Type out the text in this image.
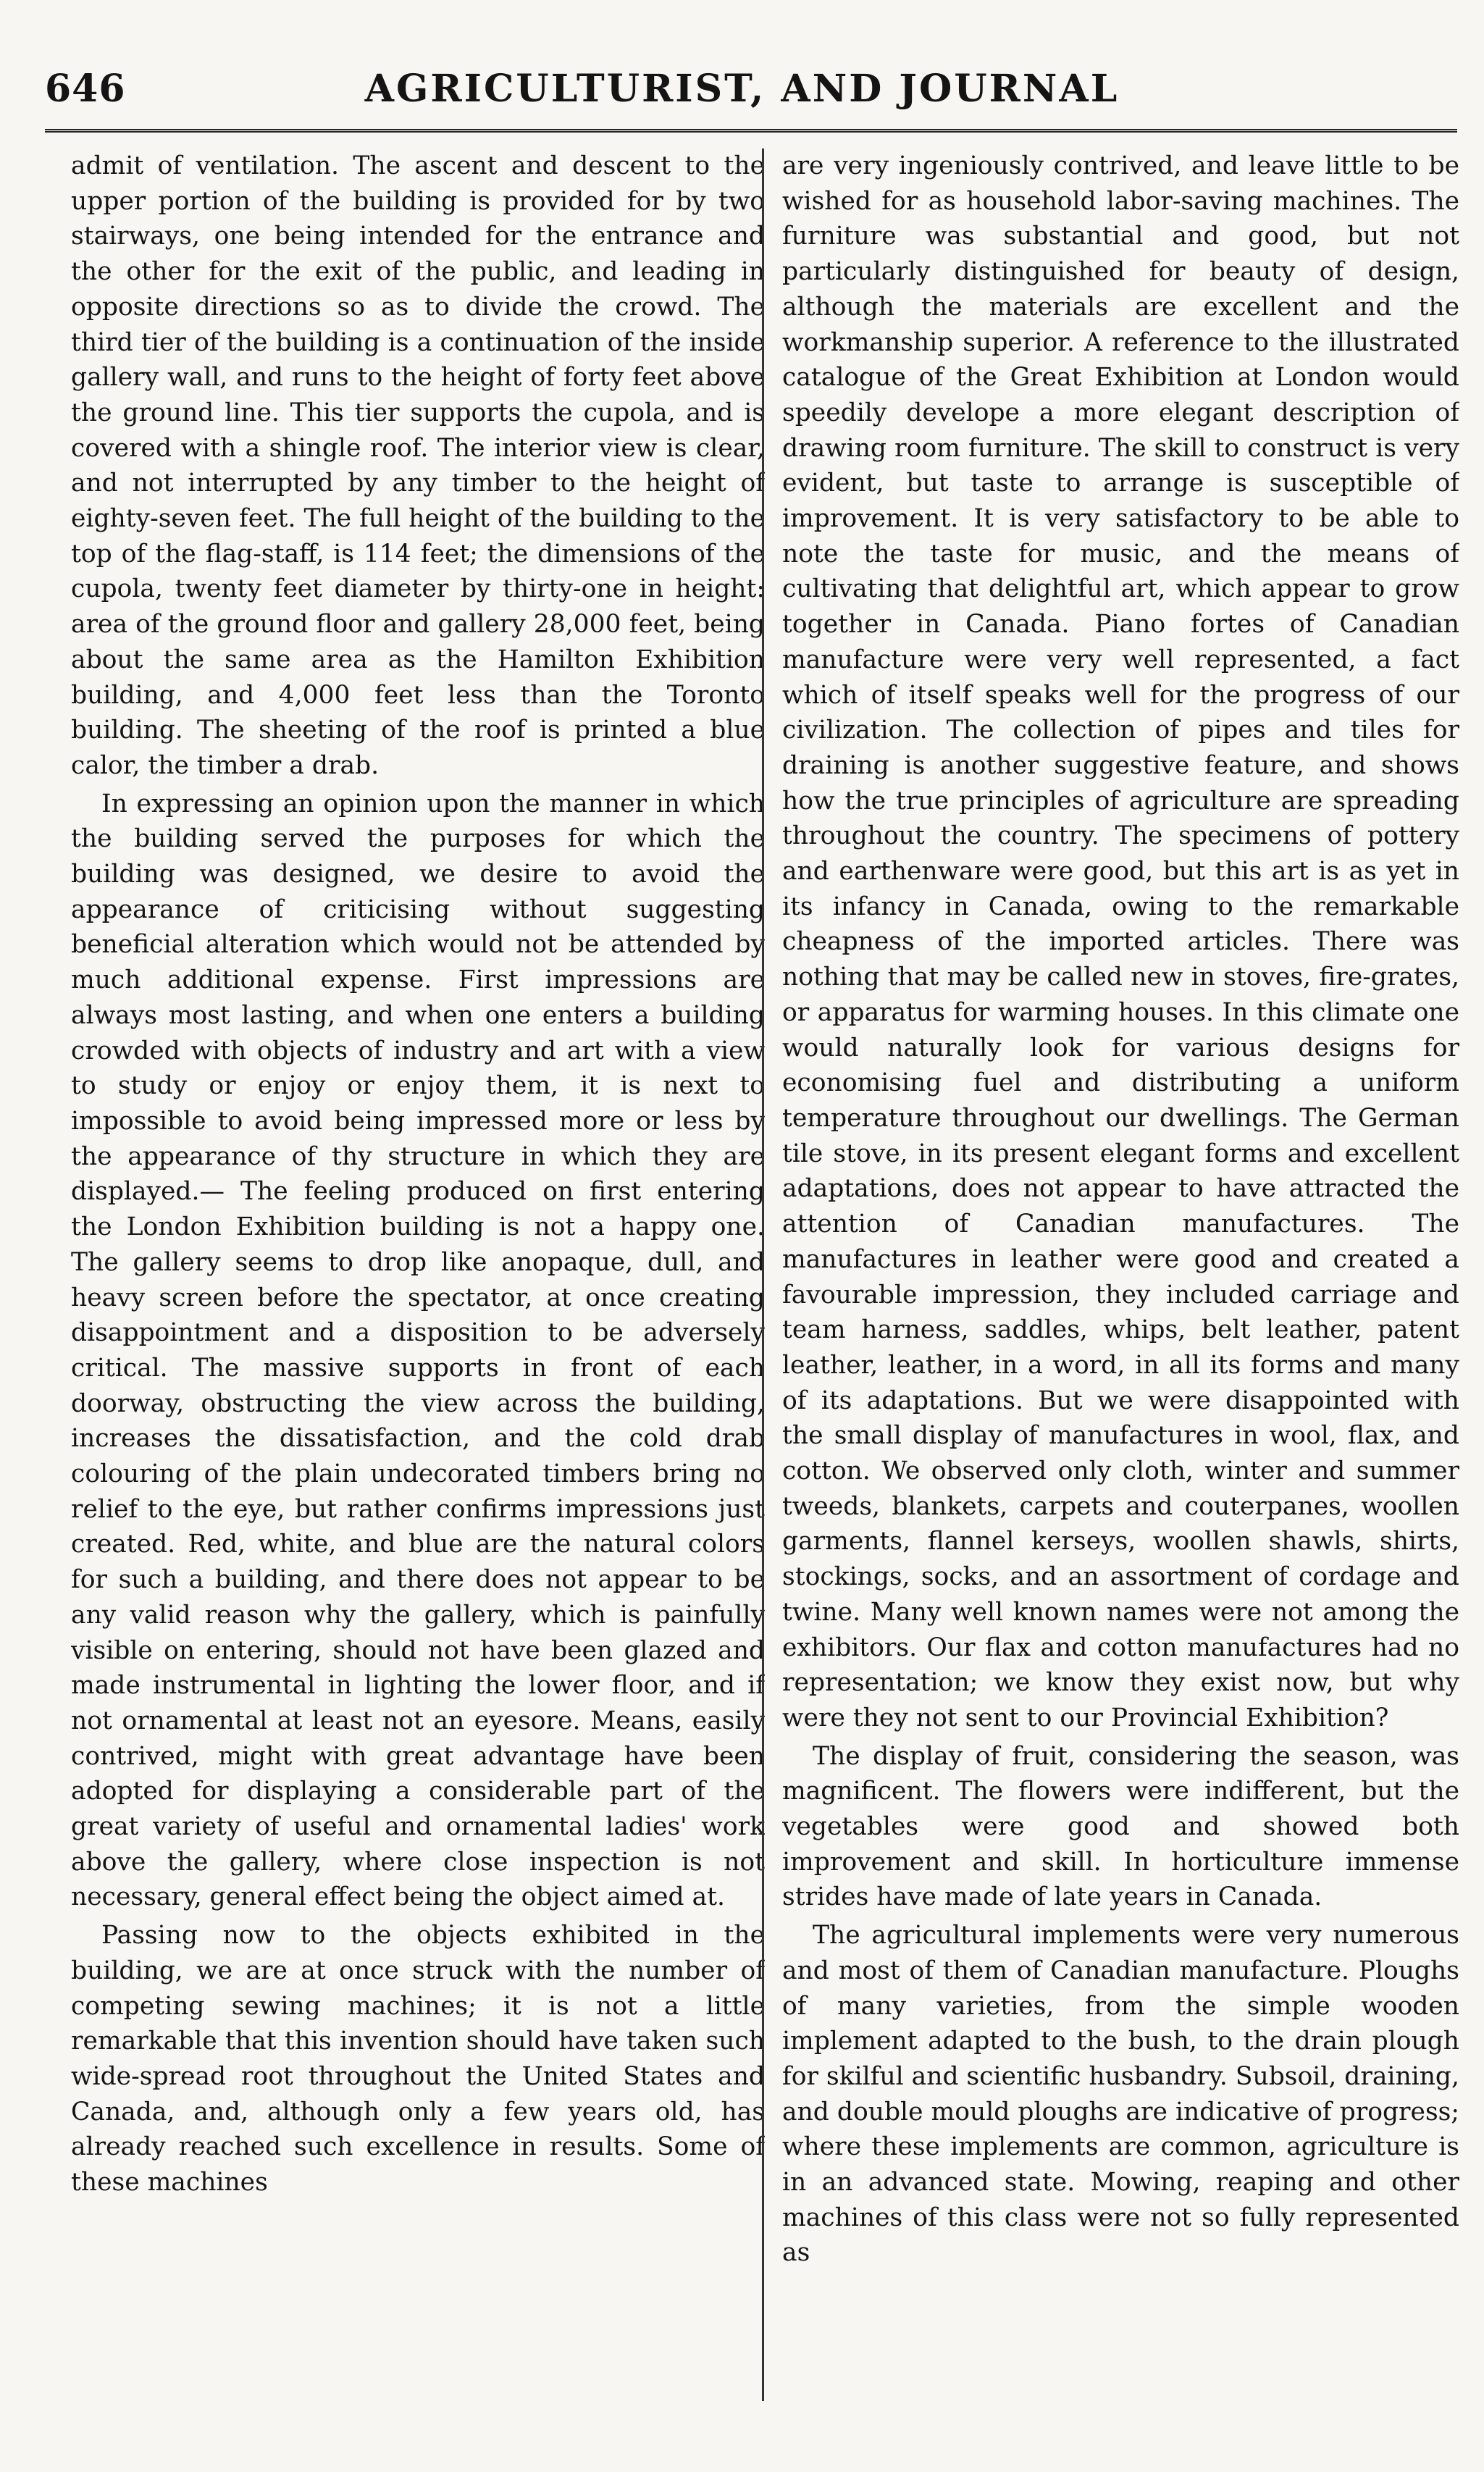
646	AGRICULTURIST, AND JOURNAL

admit of ventilation. The ascent and descent to the upper portion of the building is provided for by two stairways, one being intended for the entrance and the other for the exit of the public, and leading in opposite directions so as to divide the crowd. The third tier of the building is a continuation of the inside gallery wall, and runs to the height of forty feet above the ground line. This tier supports the cupola, and is covered with a shingle roof. The interior view is clear, and not interrupted by any timber to the height of eighty-seven feet. The full height of the building to the top of the flag-staff, is 114 feet; the dimensions of the cupola, twenty feet diameter by thirty-one in height: area of the ground floor and gallery 28,000 feet, being about the same area as the Hamilton Exhibition building, and 4,000 feet less than the Toronto building. The sheeting of the roof is printed a blue calor, the timber a drab.

In expressing an opinion upon the manner in which the building served the purposes for which the building was designed, we desire to avoid the appearance of criticising without suggesting beneficial alteration which would not be attended by much additional expense. First impressions are always most lasting, and when one enters a building crowded with objects of industry and art with a view to study or enjoy or enjoy them, it is next to impossible to avoid being impressed more or less by the appearance of thy structure in which they are displayed.— The feeling produced on first entering the London Exhibition building is not a happy one. The gallery seems to drop like anopaque, dull, and heavy screen before the spectator, at once creating disappointment and a disposition to be adversely critical. The massive supports in front of each doorway, obstructing the view across the building, increases the dissatisfaction, and the cold drab colouring of the plain undecorated timbers bring no relief to the eye, but rather confirms impressions just created. Red, white, and blue are the natural colors for such a building, and there does not appear to be any valid reason why the gallery, which is painfully visible on entering, should not have been glazed and made instrumental in lighting the lower floor, and if not ornamental at least not an eyesore. Means, easily contrived, might with great advantage have been adopted for displaying a considerable part of the great variety of useful and ornamental ladies' work above the gallery, where close inspection is not necessary, general effect being the object aimed at.

Passing now to the objects exhibited in the building, we are at once struck with the number of competing sewing machines; it is not a little remarkable that this invention should have taken such wide-spread root throughout the United States and Canada, and, although only a few years old, has already reached such excellence in results. Some of these machines

are very ingeniously contrived, and leave little to be wished for as household labor-saving machines. The furniture was substantial and good, but not particularly distinguished for beauty of design, although the materials are excellent and the workmanship superior. A reference to the illustrated catalogue of the Great Exhibition at London would speedily develope a more elegant description of drawing room furniture. The skill to construct is very evident, but taste to arrange is susceptible of improvement. It is very satisfactory to be able to note the taste for music, and the means of cultivating that delightful art, which appear to grow together in Canada. Piano fortes of Canadian manufacture were very well represented, a fact which of itself speaks well for the progress of our civilization. The collection of pipes and tiles for draining is another suggestive feature, and shows how the true principles of agriculture are spreading throughout the country. The specimens of pottery and earthenware were good, but this art is as yet in its infancy in Canada, owing to the remarkable cheapness of the imported articles. There was nothing that may be called new in stoves, fire-grates, or apparatus for warming houses. In this climate one would naturally look for various designs for economising fuel and distributing a uniform temperature throughout our dwellings. The German tile stove, in its present elegant forms and excellent adaptations, does not appear to have attracted the attention of Canadian manufactures. The manufactures in leather were good and created a favourable impression, they included carriage and team harness, saddles, whips, belt leather, patent leather, leather, in a word, in all its forms and many of its adaptations. But we were disappointed with the small display of manufactures in wool, flax, and cotton. We observed only cloth, winter and summer tweeds, blankets, carpets and couterpanes, woollen garments, flannel kerseys, woollen shawls, shirts, stockings, socks, and an assortment of cordage and twine. Many well known names were not among the exhibitors. Our flax and cotton manufactures had no representation; we know they exist now, but why were they not sent to our Provincial Exhibition?

The display of fruit, considering the season, was magnificent. The flowers were indifferent, but the vegetables were good and showed both improvement and skill. In horticulture immense strides have made of late years in Canada.

The agricultural implements were very numerous and most of them of Canadian manufacture. Ploughs of many varieties, from the simple wooden implement adapted to the bush, to the drain plough for skilful and scientific husbandry. Subsoil, draining, and double mould ploughs are indicative of progress; where these implements are common, agriculture is in an advanced state. Mowing, reaping and other machines of this class were not so fully represented as
